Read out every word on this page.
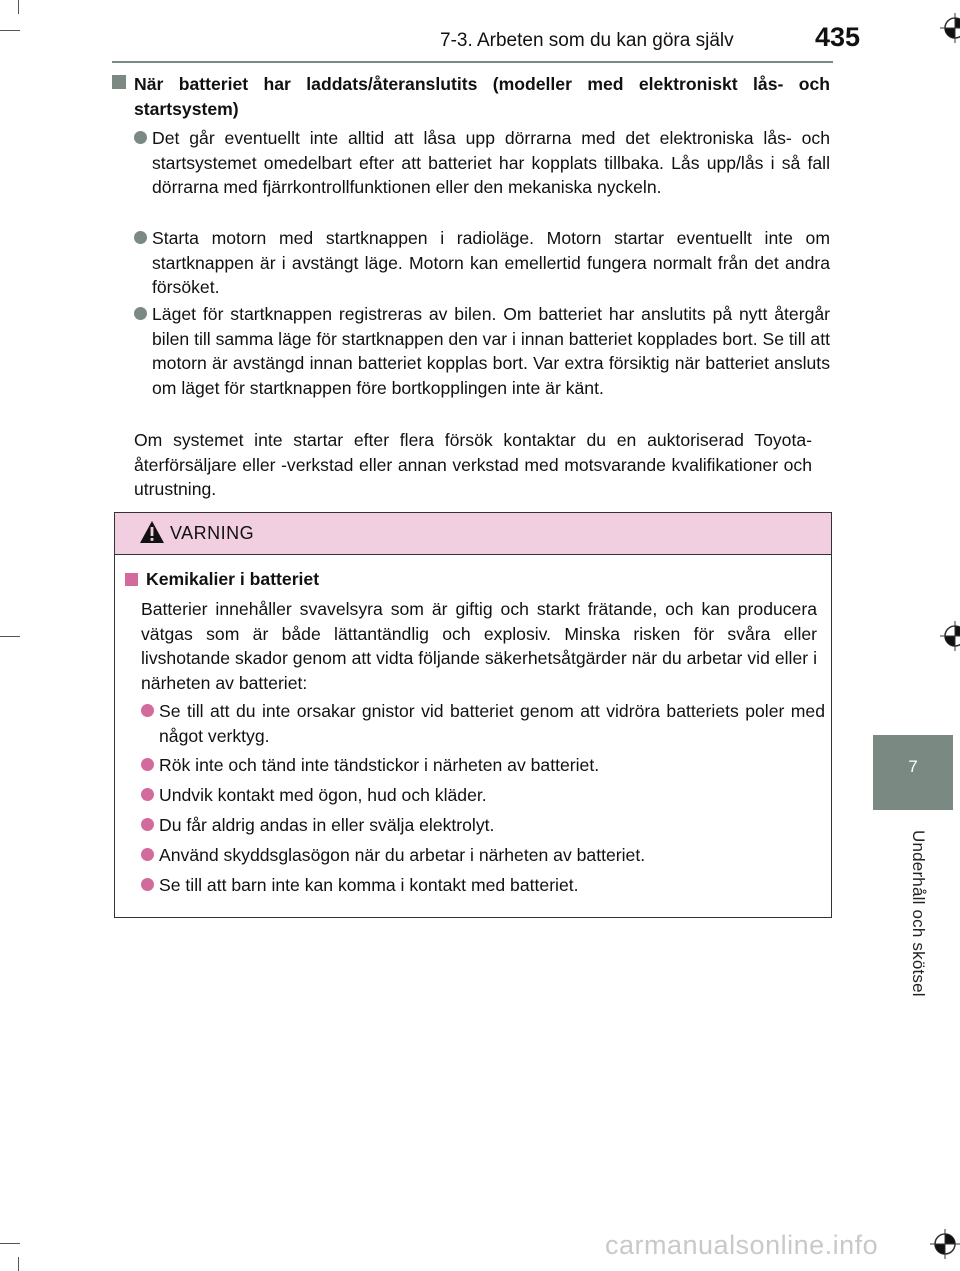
7-3. Arbeten som du kan göra själv	435
7
Underhåll och skötsel
När batteriet har laddats/återanslutits (modeller med elektroniskt lås- och startsystem)
Det går eventuellt inte alltid att låsa upp dörrarna med det elektroniska lås- och startsystemet omedelbart efter att batteriet har kopplats tillbaka. Lås upp/lås i så fall dörrarna med fjärrkontrollfunktionen eller den mekaniska nyckeln.
Starta motorn med startknappen i radioläge. Motorn startar eventuellt inte om startknappen är i avstängt läge. Motorn kan emellertid fungera normalt från det andra försöket.
Läget för startknappen registreras av bilen. Om batteriet har anslutits på nytt återgår bilen till samma läge för startknappen den var i innan batteriet kopplades bort. Se till att motorn är avstängd innan batteriet kopplas bort. Var extra försiktig när batteriet ansluts om läget för startknappen före bortkopplingen inte är känt.
Om systemet inte startar efter flera försök kontaktar du en auktoriserad Toyota-återförsäljare eller -verkstad eller annan verkstad med motsvarande kvalifikationer och utrustning.
VARNING
Kemikalier i batteriet
Batterier innehåller svavelsyra som är giftig och starkt frätande, och kan producera vätgas som är både lättantändlig och explosiv. Minska risken för svåra eller livshotande skador genom att vidta följande säkerhetsåtgärder när du arbetar vid eller i närheten av batteriet:
Se till att du inte orsakar gnistor vid batteriet genom att vidröra batteriets poler med något verktyg.
Rök inte och tänd inte tändstickor i närheten av batteriet.
Undvik kontakt med ögon, hud och kläder.
Du får aldrig andas in eller svälja elektrolyt.
Använd skyddsglasögon när du arbetar i närheten av batteriet.
Se till att barn inte kan komma i kontakt med batteriet.
carmanualsonline.info
